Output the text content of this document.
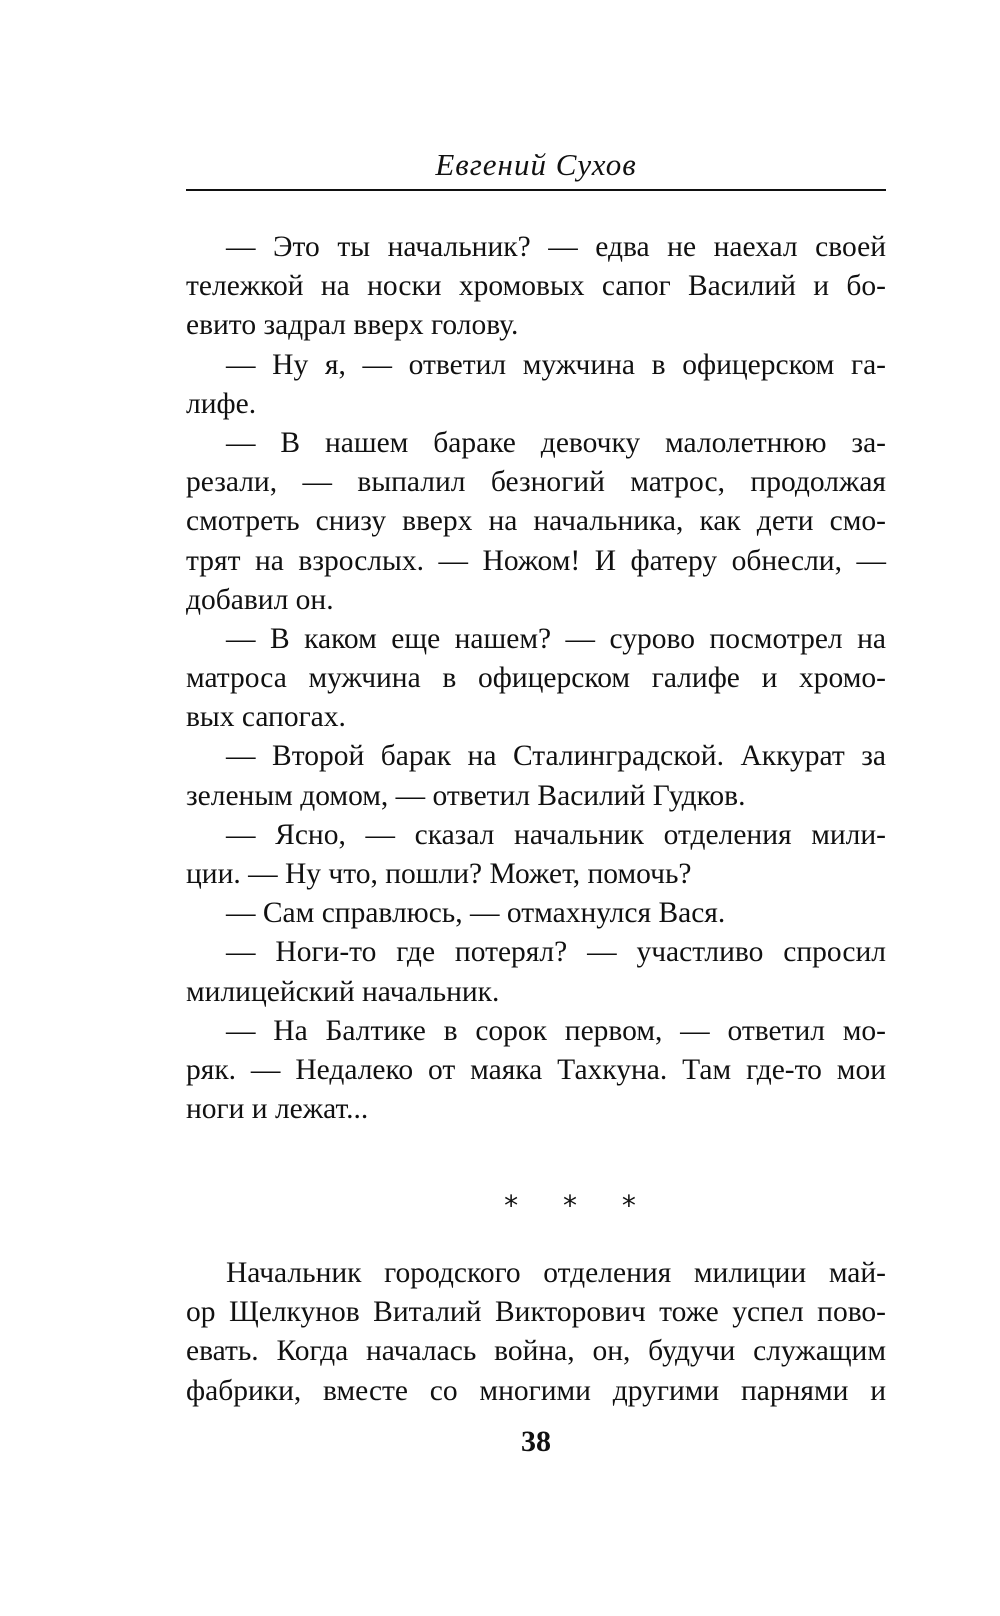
Евгений Сухов
— Это ты начальник? — едва не наехал своей
тележкой на носки хромовых сапог Василий и бо-
евито задрал вверх голову.
— Ну я, — ответил мужчина в офицерском га-
лифе.
— В нашем бараке девочку малолетнюю за-
резали, — выпалил безногий матрос, продолжая
смотреть снизу вверх на начальника, как дети смо-
трят на взрослых. — Ножом! И фатеру обнесли, —
добавил он.
— В каком еще нашем? — сурово посмотрел на
матроса мужчина в офицерском галифе и хромо-
вых сапогах.
— Второй барак на Сталинградской. Аккурат за
зеленым домом, — ответил Василий Гудков.
— Ясно, — сказал начальник отделения мили-
ции. — Ну что, пошли? Может, помочь?
— Сам справлюсь, — отмахнулся Вася.
— Ноги-то где потерял? — участливо спросил
милицейский начальник.
— На Балтике в сорок первом, — ответил мо-
ряк. — Недалеко от маяка Тахкуна. Там где-то мои
ноги и лежат...
* * *
Начальник городского отделения милиции май-
ор Щелкунов Виталий Викторович тоже успел пово-
евать. Когда началась война, он, будучи служащим
фабрики, вместе со многими другими парнями и
38
